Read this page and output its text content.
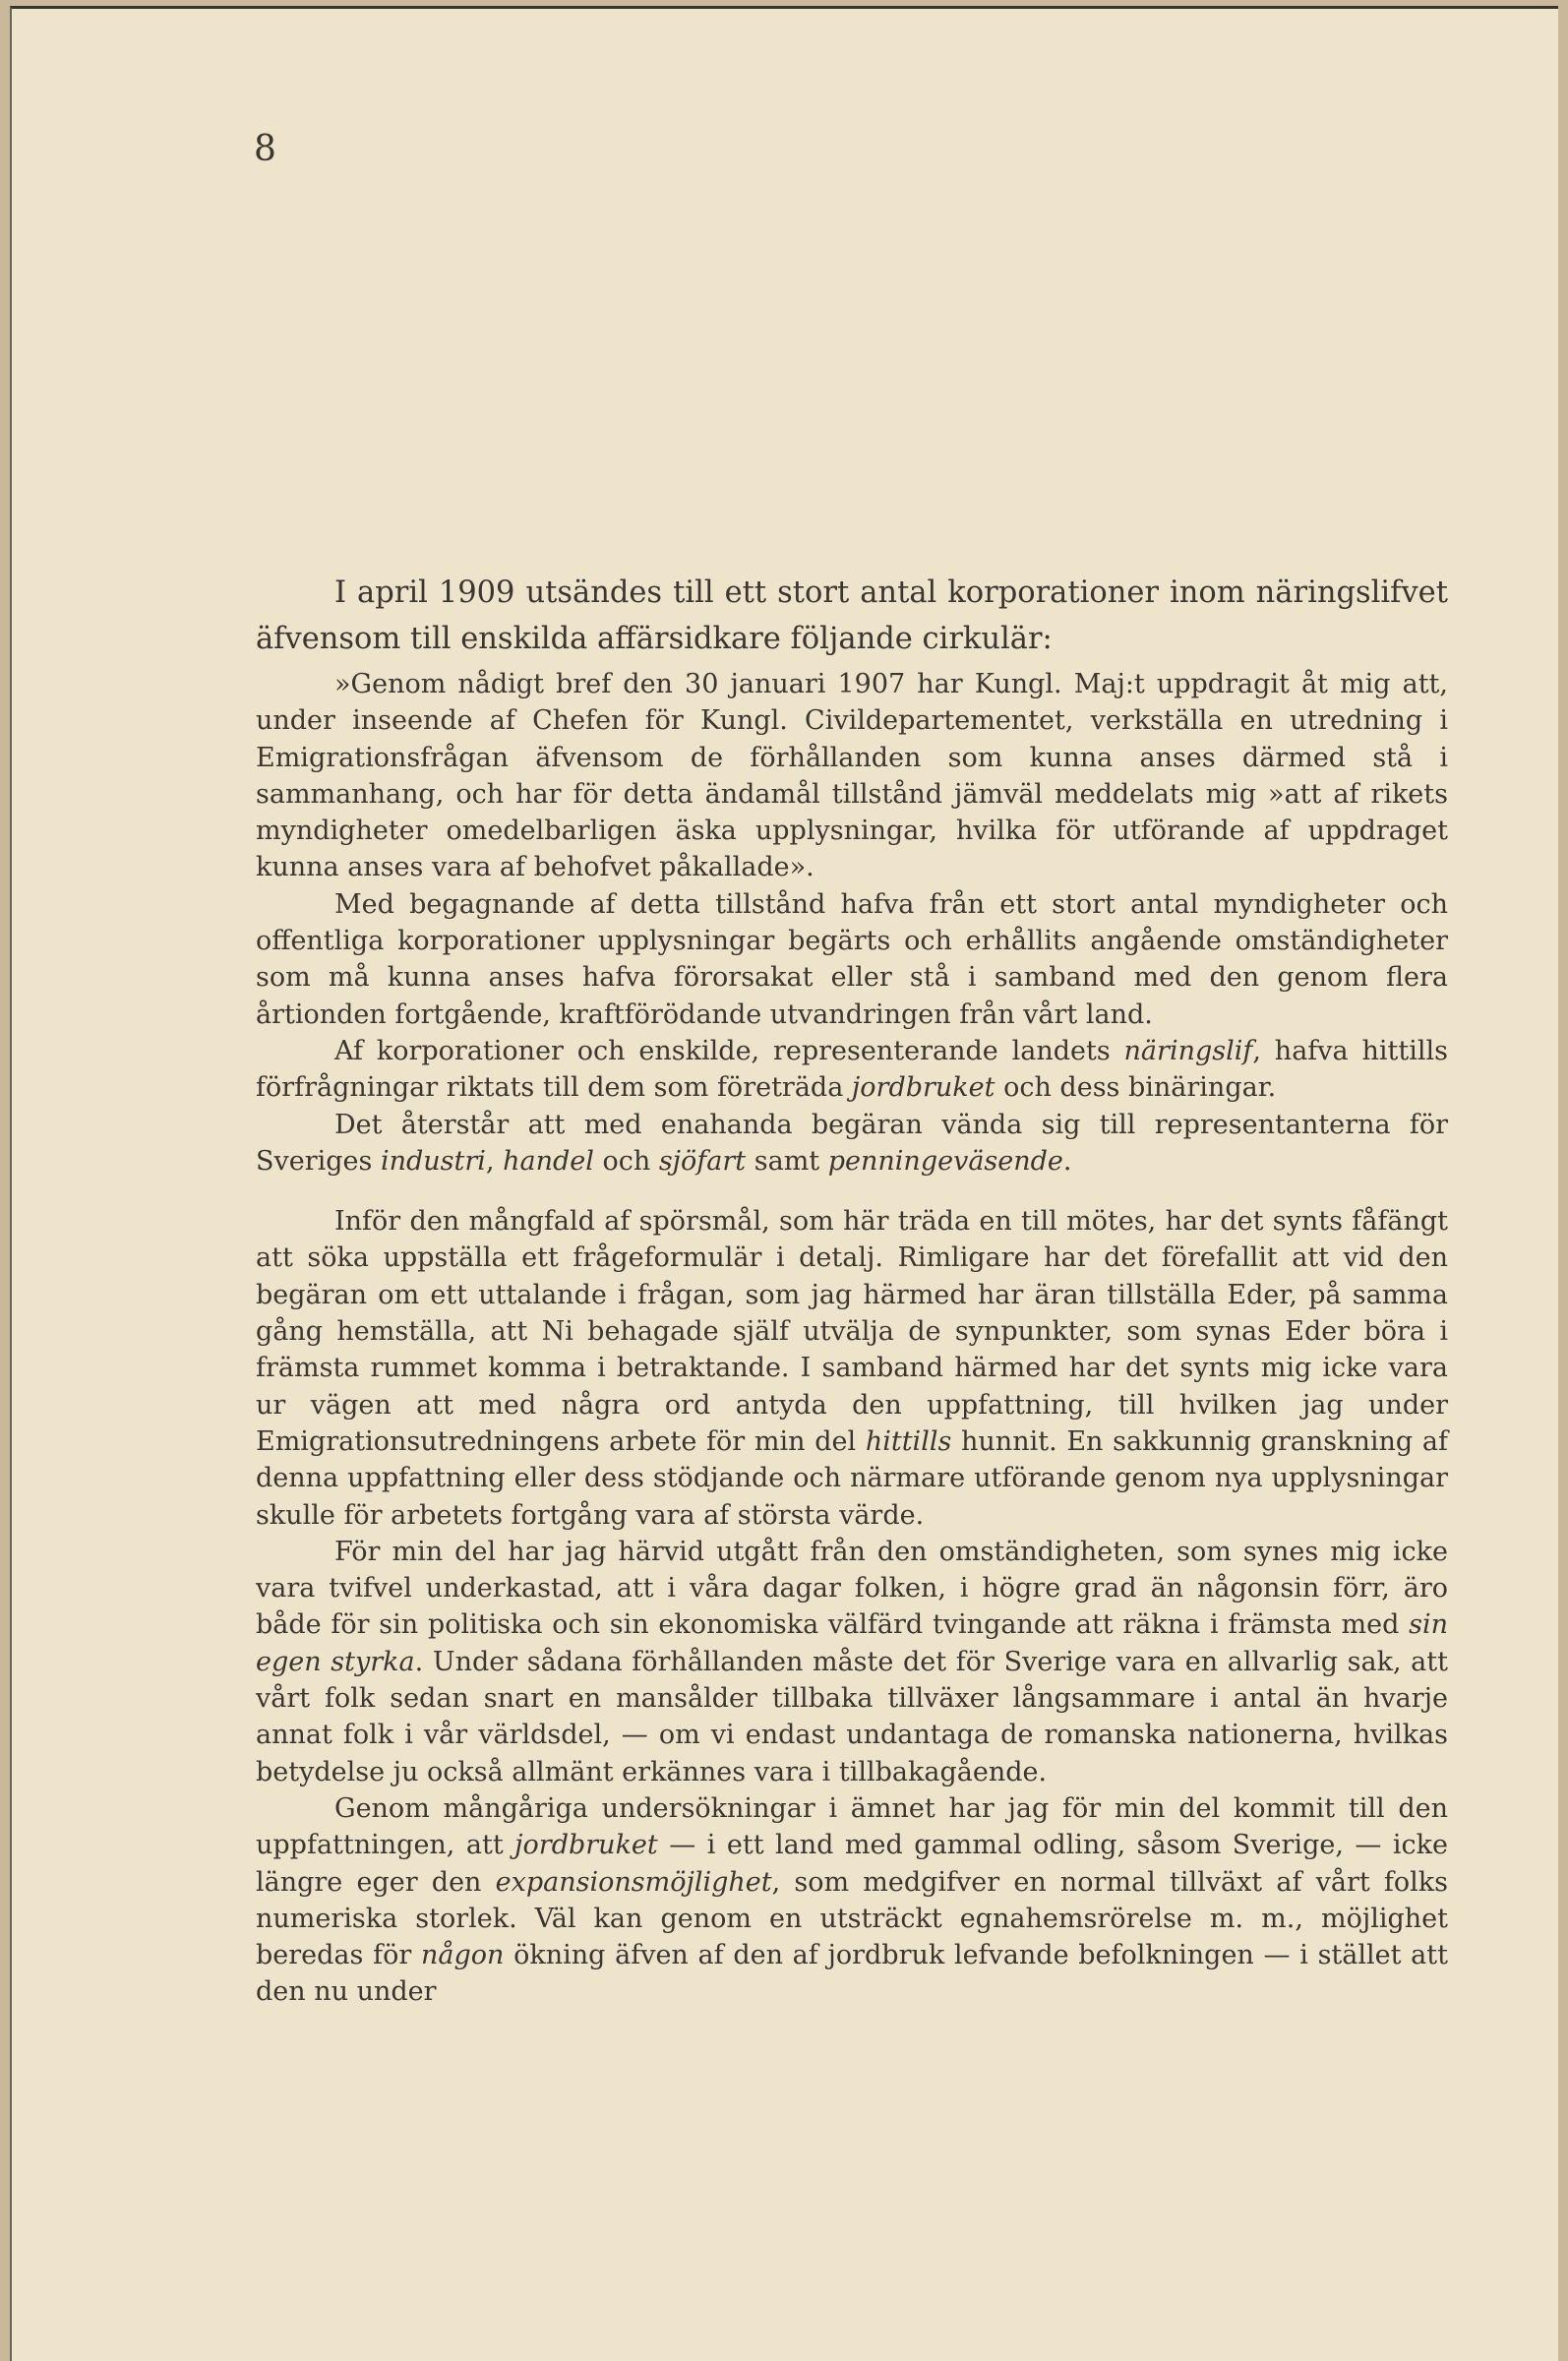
8

I april 1909 utsändes till ett stort antal korporationer inom näringslifvet äfvensom till enskilda affärsidkare följande cirkulär:

»Genom nådigt bref den 30 januari 1907 har Kungl. Maj:t uppdragit åt mig att, under inseende af Chefen för Kungl. Civildepartementet, verkställa en utredning i Emigrationsfrågan äfvensom de förhållanden som kunna anses därmed stå i sammanhang, och har för detta ändamål tillstånd jämväl meddelats mig »att af rikets myndigheter omedelbarligen äska upplysningar, hvilka för utförande af uppdraget kunna anses vara af behofvet påkallade».

Med begagnande af detta tillstånd hafva från ett stort antal myndigheter och offentliga korporationer upplysningar begärts och erhållits angående omständigheter som må kunna anses hafva förorsakat eller stå i samband med den genom flera årtionden fortgående, kraftförödande utvandringen från vårt land.

Af korporationer och enskilde, representerande landets näringslif, hafva hittills förfrågningar riktats till dem som företräda jordbruket och dess binäringar.

Det återstår att med enahanda begäran vända sig till representanterna för Sveriges industri, handel och sjöfart samt penningeväsende.

Inför den mångfald af spörsmål, som här träda en till mötes, har det synts fåfängt att söka uppställa ett frågeformulär i detalj. Rimligare har det förefallit att vid den begäran om ett uttalande i frågan, som jag härmed har äran tillställa Eder, på samma gång hemställa, att Ni behagade själf utvälja de synpunkter, som synas Eder böra i främsta rummet komma i betraktande. I samband härmed har det synts mig icke vara ur vägen att med några ord antyda den uppfattning, till hvilken jag under Emigrationsutredningens arbete för min del hittills hunnit. En sakkunnig granskning af denna uppfattning eller dess stödjande och närmare utförande genom nya upplysningar skulle för arbetets fortgång vara af största värde.

För min del har jag härvid utgått från den omständigheten, som synes mig icke vara tvifvel underkastad, att i våra dagar folken, i högre grad än någonsin förr, äro både för sin politiska och sin ekonomiska välfärd tvingande att räkna i främsta med sin egen styrka. Under sådana förhållanden måste det för Sverige vara en allvarlig sak, att vårt folk sedan snart en mansålder tillbaka tillväxer långsammare i antal än hvarje annat folk i vår världsdel, — om vi endast undantaga de romanska nationerna, hvilkas betydelse ju också allmänt erkännes vara i tillbakagående.

Genom mångåriga undersökningar i ämnet har jag för min del kommit till den uppfattningen, att jordbruket — i ett land med gammal odling, såsom Sverige, — icke längre eger den expansionsmöjlighet, som medgifver en normal tillväxt af vårt folks numeriska storlek. Väl kan genom en utsträckt egnahemsrörelse m. m., möjlighet beredas för någon ökning äfven af den af jordbruk lefvande befolkningen — i stället att den nu under
